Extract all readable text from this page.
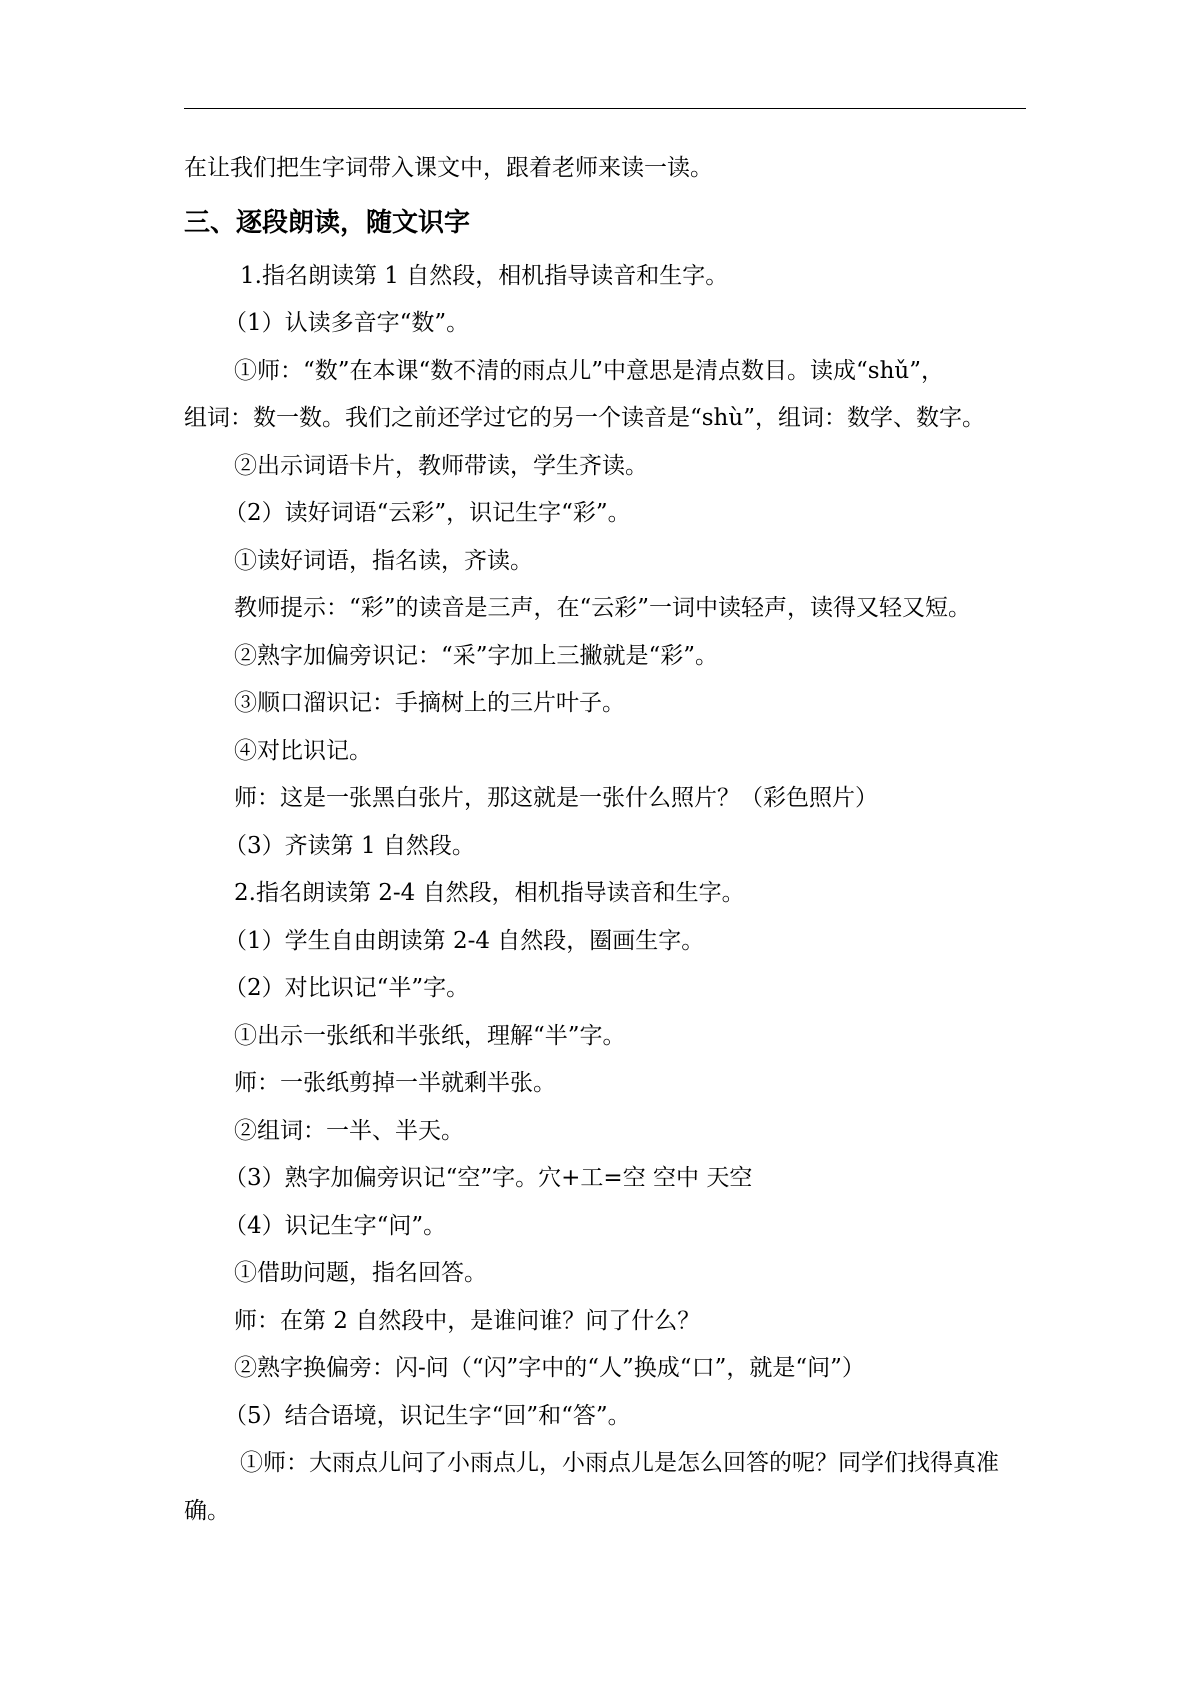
在让我们把生字词带入课文中，跟着老师来读一读。
三、逐段朗读，随文识字
1.指名朗读第 1 自然段，相机指导读音和生字。
（1）认读多音字“数”。
①师：“数”在本课“数不清的雨点儿”中意思是清点数目。读成“shǔ”，
组词：数一数。我们之前还学过它的另一个读音是“shù”，组词：数学、数字。
②出示词语卡片，教师带读，学生齐读。
（2）读好词语“云彩”，识记生字“彩”。
①读好词语，指名读，齐读。
教师提示：“彩”的读音是三声，在“云彩”一词中读轻声，读得又轻又短。
②熟字加偏旁识记：“采”字加上三撇就是“彩”。
③顺口溜识记：手摘树上的三片叶子。
④对比识记。
师：这是一张黑白张片，那这就是一张什么照片？（彩色照片）
（3）齐读第 1 自然段。
2.指名朗读第 2-4 自然段，相机指导读音和生字。
（1）学生自由朗读第 2-4 自然段，圈画生字。
（2）对比识记“半”字。
①出示一张纸和半张纸，理解“半”字。
师：一张纸剪掉一半就剩半张。
②组词：一半、半天。
（3）熟字加偏旁识记“空”字。穴+工=空 空中 天空
（4）识记生字“问”。
①借助问题，指名回答。
师：在第 2 自然段中，是谁问谁？问了什么？
②熟字换偏旁：闪-问（“闪”字中的“人”换成“口”，就是“问”）
（5）结合语境，识记生字“回”和“答”。
①师：大雨点儿问了小雨点儿，小雨点儿是怎么回答的呢？同学们找得真准
确。
